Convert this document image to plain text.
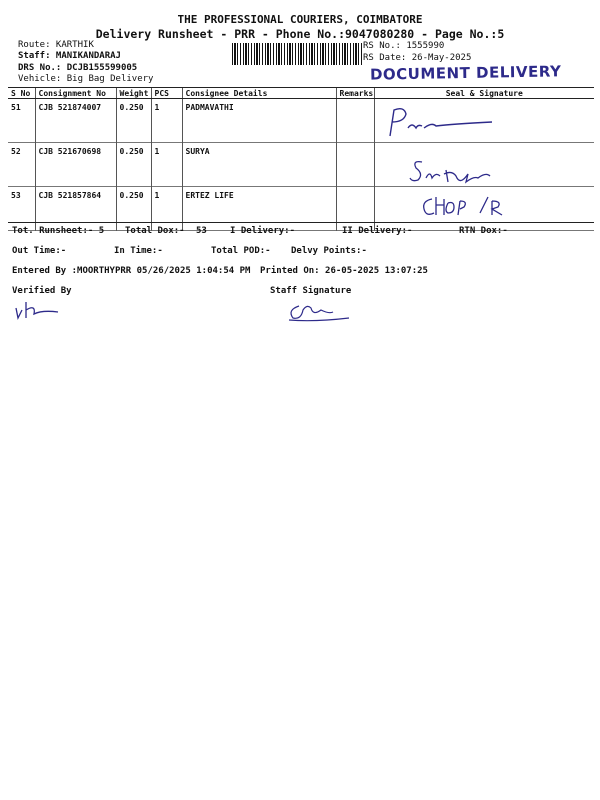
THE PROFESSIONAL COURIERS, COIMBATORE
Delivery Runsheet - PRR - Phone No.:9047080280 - Page No.:5
Route: KARTHIK
Staff: MANIKANDARAJ
DRS No.: DCJB155599005
Vehicle: Big Bag Delivery
RS No.: 1555990
RS Date: 26-May-2025
DOCUMENT DELIVERY
S No	Consignment No	Weight	PCS	Consignee Details	Remarks	Seal & Signature
51	CJB 521874007	0.250	1	PADMAVATHI		
52	CJB 521670698	0.250	1	SURYA		
53	CJB 521857864	0.250	1	ERTEZ LIFE		
Tot. Runsheet:- 5 Total Dox:- 53	I Delivery:-	II Delivery:-	RTN Dox:-
Out Time:-	In Time:-	Total POD:- Delvy Points:-
Entered By :MOORTHYPRR 05/26/2025 1:04:54 PM Printed On: 26-05-2025 13:07:25
Verified By	Staff Signature
